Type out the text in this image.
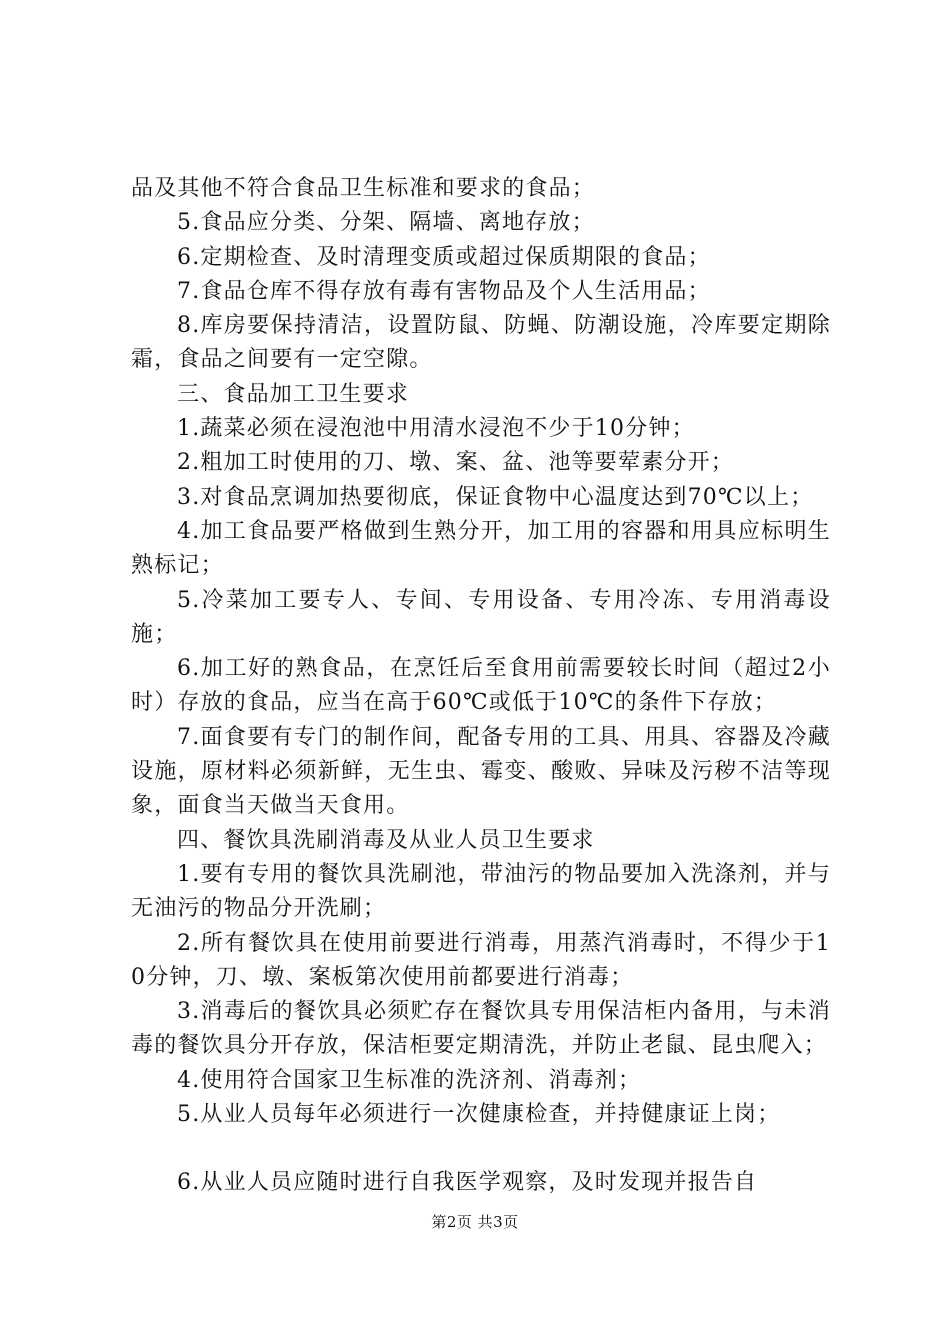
品及其他不符合食品卫生标准和要求的食品；

5.食品应分类、分架、隔墙、离地存放；

6.定期检查、及时清理变质或超过保质期限的食品；

7.食品仓库不得存放有毒有害物品及个人生活用品；

8.库房要保持清洁，设置防鼠、防蝇、防潮设施，冷库要定期除霜，食品之间要有一定空隙。

三、食品加工卫生要求

1.蔬菜必须在浸泡池中用清水浸泡不少于10分钟；

2.粗加工时使用的刀、墩、案、盆、池等要荤素分开；

3.对食品烹调加热要彻底，保证食物中心温度达到70℃以上；

4.加工食品要严格做到生熟分开，加工用的容器和用具应标明生熟标记；

5.冷菜加工要专人、专间、专用设备、专用冷冻、专用消毒设施；

6.加工好的熟食品，在烹饪后至食用前需要较长时间（超过2小时）存放的食品，应当在高于60℃或低于10℃的条件下存放；

7.面食要有专门的制作间，配备专用的工具、用具、容器及冷藏设施，原材料必须新鲜，无生虫、霉变、酸败、异味及污秽不洁等现象，面食当天做当天食用。

四、餐饮具洗刷消毒及从业人员卫生要求

1.要有专用的餐饮具洗刷池，带油污的物品要加入洗涤剂，并与无油污的物品分开洗刷；

2.所有餐饮具在使用前要进行消毒，用蒸汽消毒时，不得少于10分钟，刀、墩、案板第次使用前都要进行消毒；

3.消毒后的餐饮具必须贮存在餐饮具专用保洁柜内备用，与未消毒的餐饮具分开存放，保洁柜要定期清洗，并防止老鼠、昆虫爬入；

4.使用符合国家卫生标准的洗济剂、消毒剂；

5.从业人员每年必须进行一次健康检查，并持健康证上岗；

6.从业人员应随时进行自我医学观察，及时发现并报告自

第2页 共3页
